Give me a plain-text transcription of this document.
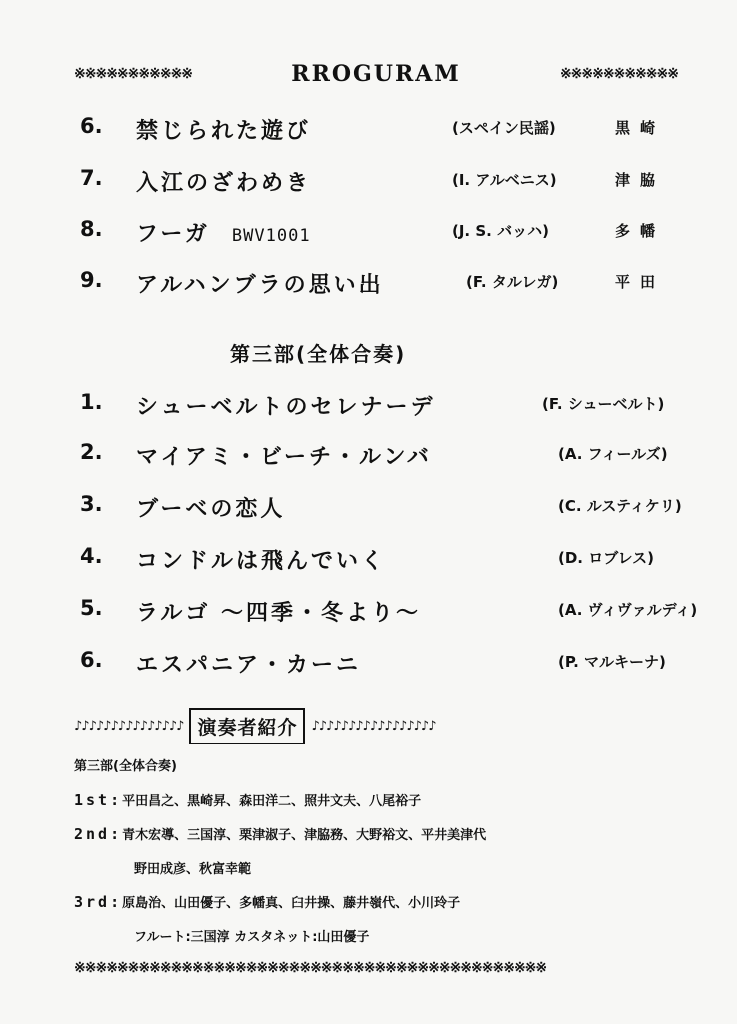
※※※※※※※※※※※	RROGURAM	※※※※※※※※※※※
6. 禁じられた遊び	(スペイン民謡)	黒崎
7. 入江のざわめき	(I. アルベニス)	津脇
8. フーガ BWV1001	(J. S. バッハ)	多幡
9. アルハンブラの思い出	(F. タルレガ)	平田
第三部(全体合奏)
1. シューベルトのセレナーデ	(F. シューベルト)
2. マイアミ・ビーチ・ルンバ	(A. フィールズ)
3. ブーベの恋人	(C. ルスティケリ)
4. コンドルは飛んでいく	(D. ロブレス)
5. ラルゴ 〜四季・冬より〜	(A. ヴィヴァルディ)
6. エスパニア・カーニ	(P. マルキーナ)
♪♪♪♪♪♪♪♪♪♪♪♪♪♪♪ 演奏者紹介	♪♪♪♪♪♪♪♪♪♪♪♪♪♪♪♪♪
第三部(全体合奏)
1st:平田昌之、黒崎昇、森田洋二、照井文夫、八尾裕子
2nd:青木宏導、三国淳、栗津淑子、津脇務、大野裕文、平井美津代
野田成彦、秋富幸範
3rd:原島治、山田優子、多幡真、臼井操、藤井嶺代、小川玲子
フルート:三国淳 カスタネット:山田優子
※※※※※※※※※※※※※※※※※※※※※※※※※※※※※※※※※※※※※※※※※※※※
